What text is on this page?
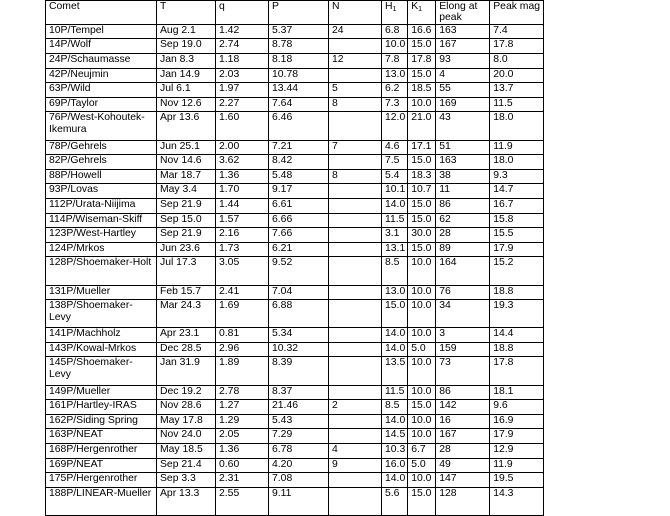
Comet	T	q	P	N	$H_1$	$K_1$	Elong at peak	Peak mag
10P/Tempel	Aug 2.1	1.42	5.37	24	6.8	16.6	163	7.4
14P/Wolf	Sep 19.0	2.74	8.78		10.0	15.0	167	17.8
24P/Schaumasse	Jan 8.3	1.18	8.18	12	7.8	17.8	93	8.0
42P/Neujmin	Jan 14.9	2.03	10.78		13.0	15.0	4	20.0
63P/Wild	Jul 6.1	1.97	13.44	5	6.2	18.5	55	13.7
69P/Taylor	Nov 12.6	2.27	7.64	8	7.3	10.0	169	11.5
76P/West-Kohoutek-Ikemura	Apr 13.6	1.60	6.46		12.0	21.0	43	18.0
78P/Gehrels	Jun 25.1	2.00	7.21	7	4.6	17.1	51	11.9
82P/Gehrels	Nov 14.6	3.62	8.42		7.5	15.0	163	18.0
88P/Howell	Mar 18.7	1.36	5.48	8	5.4	18.3	38	9.3
93P/Lovas	May 3.4	1.70	9.17		10.1	10.7	11	14.7
112P/Urata-Niijima	Sep 21.9	1.44	6.61		14.0	15.0	86	16.7
114P/Wiseman-Skiff	Sep 15.0	1.57	6.66		11.5	15.0	62	15.8
123P/West-Hartley	Sep 21.9	2.16	7.66		3.1	30.0	28	15.5
124P/Mrkos	Jun 23.6	1.73	6.21		13.1	15.0	89	17.9
128P/Shoemaker-Holt	Jul 17.3	3.05	9.52		8.5	10.0	164	15.2
131P/Mueller	Feb 15.7	2.41	7.04		13.0	10.0	76	18.8
138P/Shoemaker-Levy	Mar 24.3	1.69	6.88		15.0	10.0	34	19.3
141P/Machholz	Apr 23.1	0.81	5.34		14.0	10.0	3	14.4
143P/Kowal-Mrkos	Dec 28.5	2.96	10.32		14.0	5.0	159	18.8
145P/Shoemaker-Levy	Jan 31.9	1.89	8.39		13.5	10.0	73	17.8
149P/Mueller	Dec 19.2	2.78	8.37		11.5	10.0	86	18.1
161P/Hartley-IRAS	Nov 28.6	1.27	21.46	2	8.5	15.0	142	9.6
162P/Siding Spring	May 17.8	1.29	5.43		14.0	10.0	16	16.9
163P/NEAT	Nov 24.0	2.05	7.29		14.5	10.0	167	17.9
168P/Hergenrother	May 18.5	1.36	6.78	4	10.3	6.7	28	12.9
169P/NEAT	Sep 21.4	0.60	4.20	9	16.0	5.0	49	11.9
175P/Hergenrother	Sep 3.3	2.31	7.08		14.0	10.0	147	19.5
188P/LINEAR-Mueller	Apr 13.3	2.55	9.11		5.6	15.0	128	14.3
